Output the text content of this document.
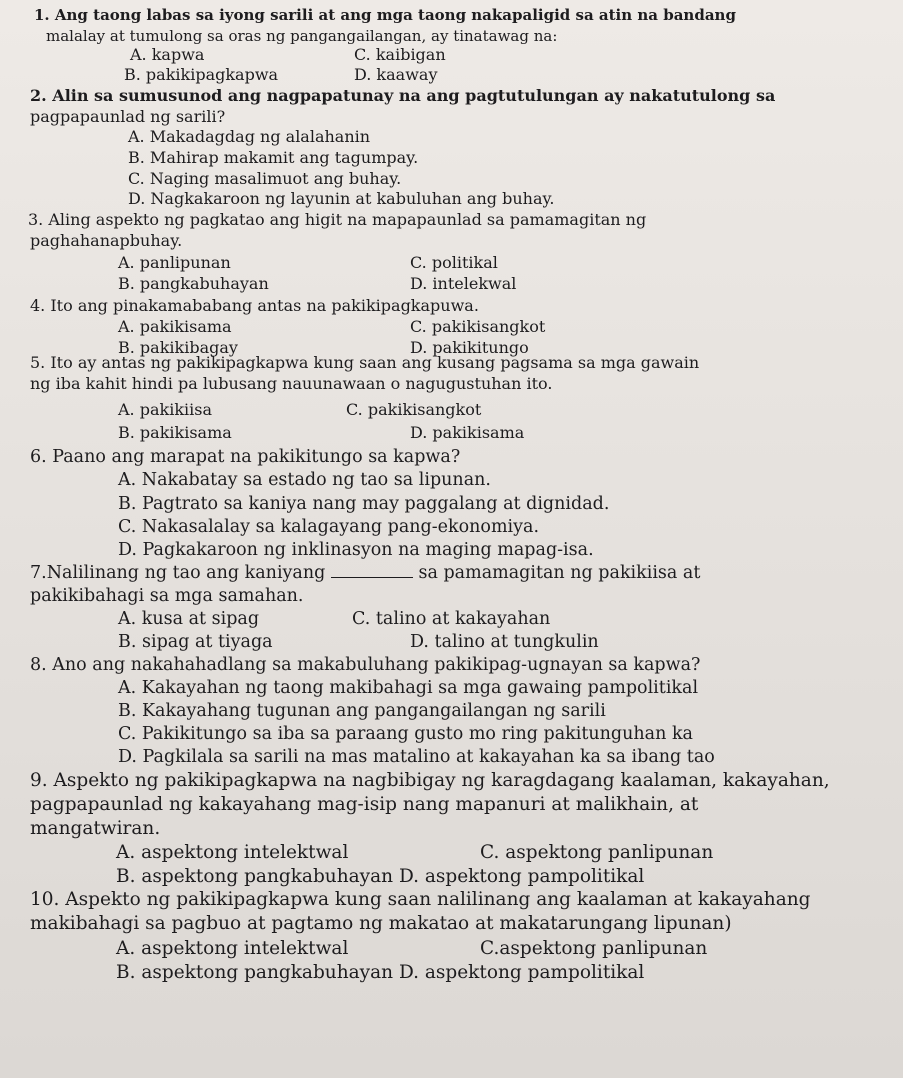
1. Ang taong labas sa iyong sarili at ang mga taong nakapaligid sa atin na bandang
malalay at tumulong sa oras ng pangangailangan, ay tinatawag na:
A. kapwa	C. kaibigan
B. pakikipagkapwa	D. kaaway
2. Alin sa sumusunod ang nagpapatunay na ang pagtutulungan ay nakatutulong sa
pagpapaunlad ng sarili?
A. Makadagdag ng alalahanin
B. Mahirap makamit ang tagumpay.
C. Naging masalimuot ang buhay.
D. Nagkakaroon ng layunin at kabuluhan ang buhay.
3. Aling aspekto ng pagkatao ang higit na mapapaunlad sa pamamagitan ng
paghahanapbuhay.
A. panlipunan	C. politikal
B. pangkabuhayan	D. intelekwal
4. Ito ang pinakamababang antas na pakikipagkapuwa.
A. pakikisama	C. pakikisangkot
B. pakikibagay	D. pakikitungo
5. Ito ay antas ng pakikipagkapwa kung saan ang kusang pagsama sa mga gawain
ng iba kahit hindi pa lubusang nauunawaan o nagugustuhan ito.
A. pakikiisa	C. pakikisangkot
B. pakikisama	D. pakikisama
6. Paano ang marapat na pakikitungo sa kapwa?
A. Nakabatay sa estado ng tao sa lipunan.
B. Pagtrato sa kaniya nang may paggalang at dignidad.
C. Nakasalalay sa kalagayang pang-ekonomiya.
D. Pagkakaroon ng inklinasyon na maging mapag-isa.
7.Nalilinang ng tao ang kaniyang	sa pamamagitan ng pakikiisa at
pakikibahagi sa mga samahan.
A. kusa at sipag	C. talino at kakayahan
B. sipag at tiyaga	D. talino at tungkulin
8. Ano ang nakahahadlang sa makabuluhang pakikipag-ugnayan sa kapwa?
A. Kakayahan ng taong makibahagi sa mga gawaing pampolitikal
B. Kakayahang tugunan ang pangangailangan ng sarili
C. Pakikitungo sa iba sa paraang gusto mo ring pakitunguhan ka
D. Pagkilala sa sarili na mas matalino at kakayahan ka sa ibang tao
9. Aspekto ng pakikipagkapwa na nagbibigay ng karagdagang kaalaman, kakayahan,
pagpapaunlad ng kakayahang mag-isip nang mapanuri at malikhain, at
mangatwiran.
A. aspektong intelektwal	C. aspektong panlipunan
B. aspektong pangkabuhayan D. aspektong pampolitikal
10. Aspekto ng pakikipagkapwa kung saan nalilinang ang kaalaman at kakayahang
makibahagi sa pagbuo at pagtamo ng makatao at makatarungang lipunan)
A. aspektong intelektwal	C.aspektong panlipunan
B. aspektong pangkabuhayan D. aspektong pampolitikal
